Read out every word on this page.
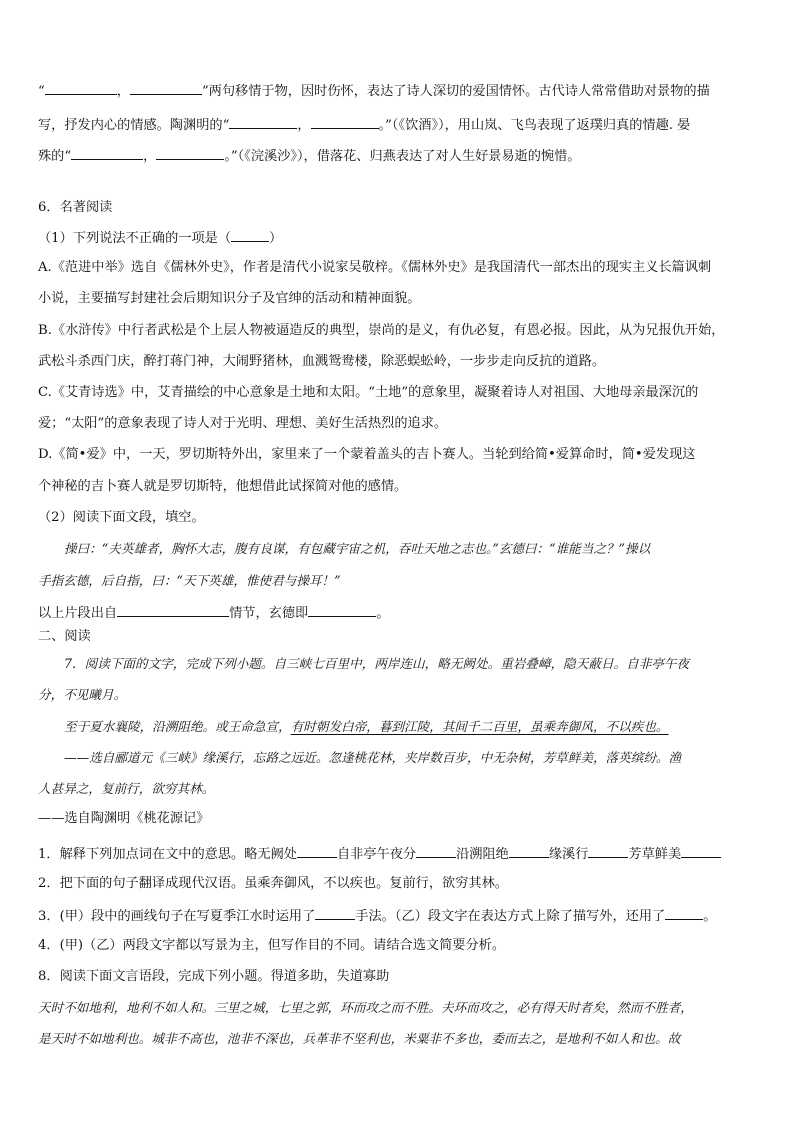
“	，	”两句移情于物，因时伤怀，表达了诗人深切的爱国情怀。古代诗人常常借助对景物的描
写，抒发内心的情感。陶渊明的“	，	。”（《饮酒》），用山岚、飞鸟表现了返璞归真的情趣. 晏
殊的“	，	。”（《浣溪沙》），借落花、归燕表达了对人生好景易逝的惋惜。
6．名著阅读
（1）下列说法不正确的一项是（	）
A.《范进中举》选自《儒林外史》，作者是清代小说家吴敬梓。《儒林外史》是我国清代一部杰出的现实主义长篇讽刺
小说，主要描写封建社会后期知识分子及官绅的活动和精神面貌。
B.《水浒传》中行者武松是个上层人物被逼造反的典型，崇尚的是义，有仇必复，有恩必报。因此，从为兄报仇开始，
武松斗杀西门庆，醉打蒋门神，大闹野猪林，血溅鸳鸯楼，除恶蜈蚣岭，一步步走向反抗的道路。
C.《艾青诗选》中，艾青描绘的中心意象是土地和太阳。“土地”的意象里，凝聚着诗人对祖国、大地母亲最深沉的
爱；“太阳”的意象表现了诗人对于光明、理想、美好生活热烈的追求。
D.《简•爱》中，一天，罗切斯特外出，家里来了一个蒙着盖头的吉卜赛人。当轮到给简•爱算命时，简•爱发现这
个神秘的吉卜赛人就是罗切斯特，他想借此试探简对他的感情。
（2）阅读下面文段，填空。
操曰：“夫英雄者，胸怀大志，腹有良谋，有包藏宇宙之机，吞吐天地之志也。”玄德曰：“谁能当之？”操以
手指玄德，后自指，曰：“天下英雄，惟使君与操耳！”
以上片段出自	情节，玄德即	。
二、阅读
7．阅读下面的文字，完成下列小题。自三峡七百里中，两岸连山，略无阙处。重岩叠嶂，隐天蔽日。自非亭午夜
分，不见曦月。
至于夏水襄陵，沿溯阻绝。或王命急宣，有时朝发白帝，暮到江陵，其间千二百里，虽乘奔御风，不以疾也。
——选自郦道元《三峡》缘溪行，忘路之远近。忽逢桃花林，夹岸数百步，中无杂树，芳草鲜美，落英缤纷。渔
人甚异之，复前行，欲穷其林。
——选自陶渊明《桃花源记》
1．解释下列加点词在文中的意思。略无阙处	自非亭午夜分	沿溯阻绝	缘溪行	芳草鲜美
2．把下面的句子翻译成现代汉语。虽乘奔御风，不以疾也。复前行，欲穷其林。
3．(甲）段中的画线句子在写夏季江水时运用了	手法。（乙）段文字在表达方式上除了描写外，还用了	。
4．(甲)（乙）两段文字都以写景为主，但写作目的不同。请结合选文简要分析。
8．阅读下面文言语段，完成下列小题。得道多助，失道寡助
天时不如地利，地利不如人和。三里之城，七里之郭，环而攻之而不胜。夫环而攻之，必有得天时者矣，然而不胜者，
是天时不如地利也。城非不高也，池非不深也，兵革非不坚利也，米粟非不多也，委而去之，是地利不如人和也。故
